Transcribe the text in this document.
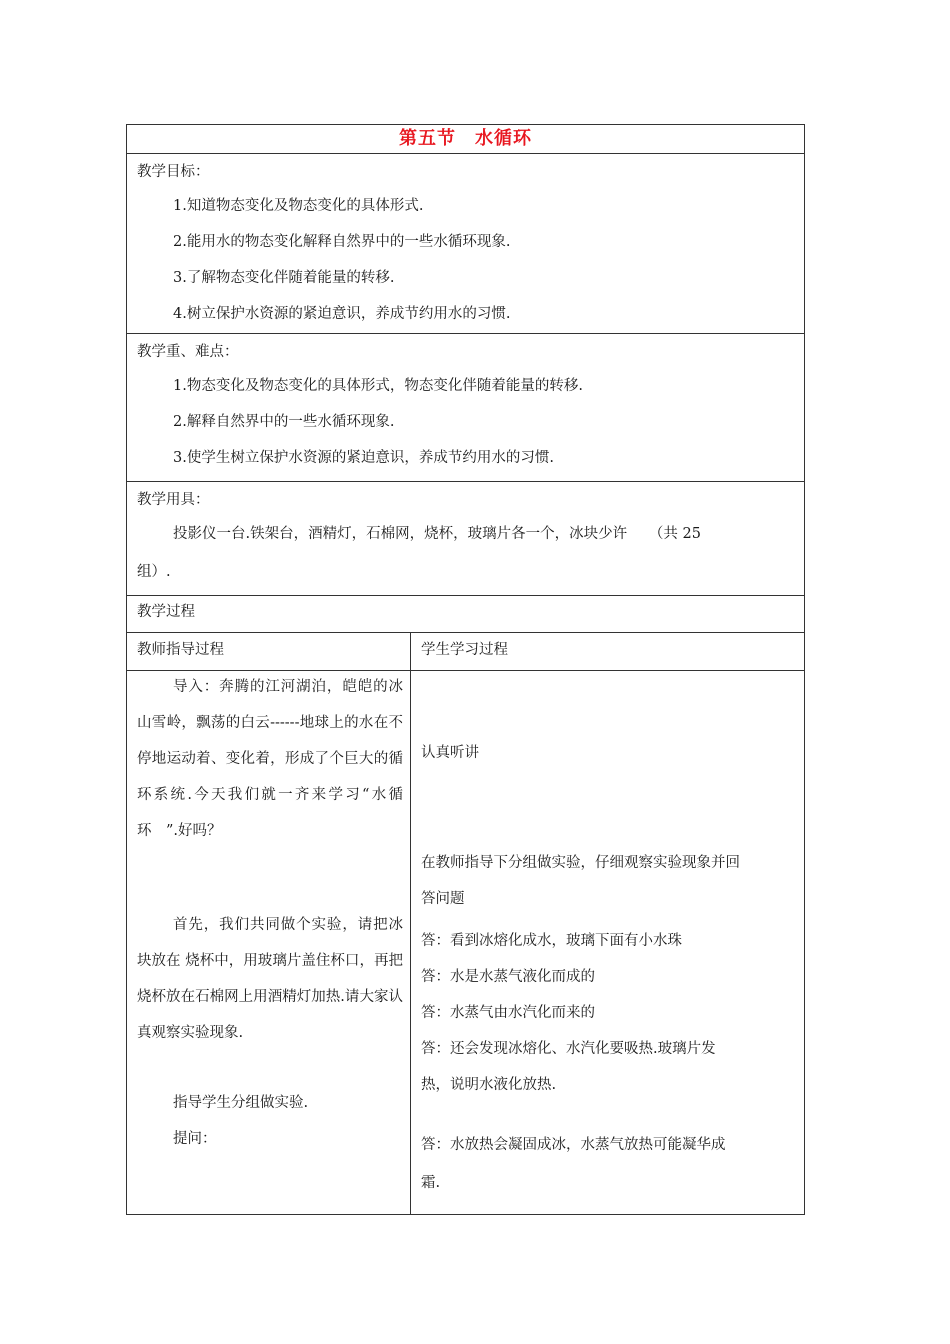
第五节　水循环
教学目标：
1.知道物态变化及物态变化的具体形式.
2.能用水的物态变化解释自然界中的一些水循环现象.
3.了解物态变化伴随着能量的转移.
4.树立保护水资源的紧迫意识，养成节约用水的习惯.
教学重、难点：
1.物态变化及物态变化的具体形式，物态变化伴随着能量的转移.
2.解释自然界中的一些水循环现象.
3.使学生树立保护水资源的紧迫意识，养成节约用水的习惯.
教学用具：
投影仪一台.铁架台，酒精灯，石棉网，烧杯，玻璃片各一个，冰块少许　　（共 25
组）.
教学过程
教师指导过程	学生学习过程
导入：奔腾的江河湖泊，皑皑的冰山雪岭，飘荡的白云------地球上的水在不停地运动着、变化着，形成了个巨大的循环系统.今天我们就一齐来学习“水循环　”.好吗？
首先，我们共同做个实验，请把冰块放在 烧杯中，用玻璃片盖住杯口，再把烧杯放在石棉网上用酒精灯加热.请大家认真观察实验现象.
指导学生分组做实验.
提问：
认真听讲
在教师指导下分组做实验，仔细观察实验现象并回
答问题
答：看到冰熔化成水，玻璃下面有小水珠
答：水是水蒸气液化而成的
答：水蒸气由水汽化而来的
答：还会发现冰熔化、水汽化要吸热.玻璃片发
热，说明水液化放热.
答：水放热会凝固成冰，水蒸气放热可能凝华成
霜.
